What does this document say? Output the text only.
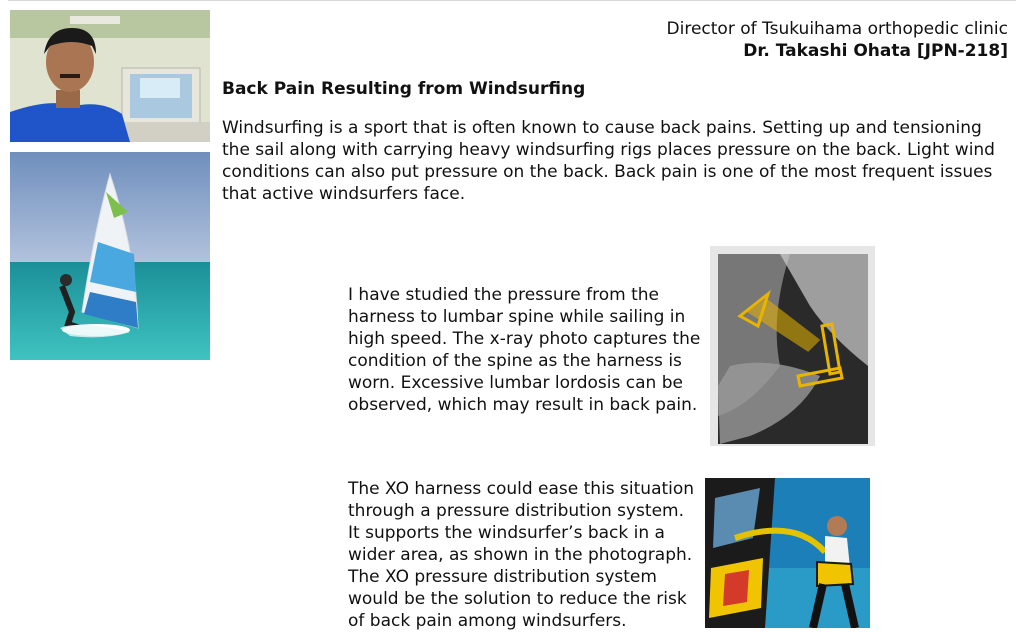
Director of Tsukuihama orthopedic clinic
Dr. Takashi Ohata [JPN-218]
Back Pain Resulting from Windsurfing
Windsurfing is a sport that is often known to cause back pains. Setting up and tensioning the sail along with carrying heavy windsurfing rigs places pressure on the back. Light wind conditions can also put pressure on the back. Back pain is one of the most frequent issues that active windsurfers face.
I have studied the pressure from the harness to lumbar spine while sailing in high speed. The x-ray photo captures the condition of the spine as the harness is worn. Excessive lumbar lordosis can be observed, which may result in back pain.
The XO harness could ease this situation through a pressure distribution system. It supports the windsurfer’s back in a wider area, as shown in the photograph. The XO pressure distribution system would be the solution to reduce the risk of back pain among windsurfers.
